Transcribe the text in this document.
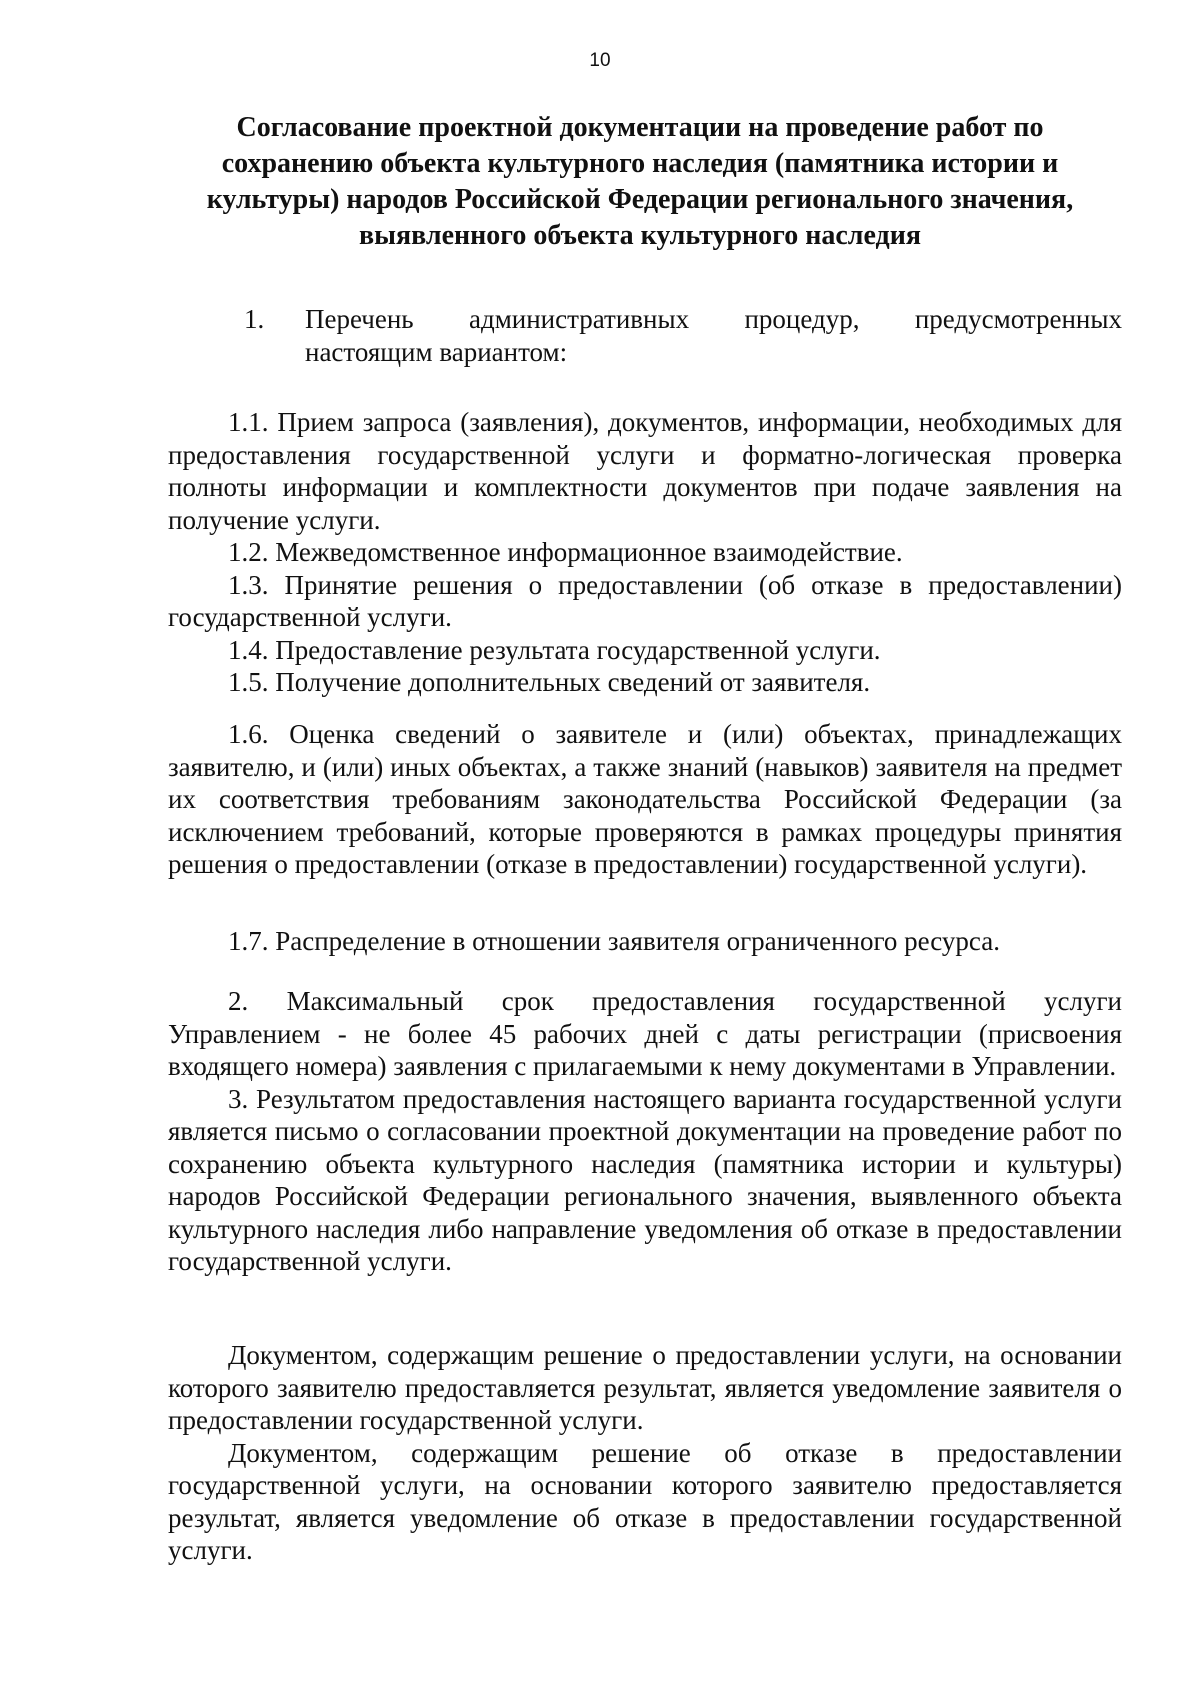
10
Согласование проектной документации на проведение работ по
сохранению объекта культурного наследия (памятника истории и
культуры) народов Российской Федерации регионального значения,
выявленного объекта культурного наследия
1. Перечень административных процедур, предусмотренных
настоящим вариантом:

1.1. Прием запроса (заявления), документов, информации, необходимых для предоставления государственной услуги и форматно-логическая проверка полноты информации и комплектности документов при подаче заявления на получение услуги.

1.2. Межведомственное информационное взаимодействие.

1.3. Принятие решения о предоставлении (об отказе в предоставлении) государственной услуги.

1.4. Предоставление результата государственной услуги.

1.5. Получение дополнительных сведений от заявителя.

1.6. Оценка сведений о заявителе и (или) объектах, принадлежащих заявителю, и (или) иных объектах, а также знаний (навыков) заявителя на предмет их соответствия требованиям законодательства Российской Федерации (за исключением требований, которые проверяются в рамках процедуры принятия решения о предоставлении (отказе в предоставлении) государственной услуги).

1.7. Распределение в отношении заявителя ограниченного ресурса.

2. Максимальный срок предоставления государственной услуги Управлением - не более 45 рабочих дней с даты регистрации (присвоения входящего номера) заявления с прилагаемыми к нему документами в Управлении.

3. Результатом предоставления настоящего варианта государственной услуги является письмо о согласовании проектной документации на проведение работ по сохранению объекта культурного наследия (памятника истории и культуры) народов Российской Федерации регионального значения, выявленного объекта культурного наследия либо направление уведомления об отказе в предоставлении государственной услуги.

Документом, содержащим решение о предоставлении услуги, на основании которого заявителю предоставляется результат, является уведомление заявителя о предоставлении государственной услуги.

Документом, содержащим решение об отказе в предоставлении государственной услуги, на основании которого заявителю предоставляется результат, является уведомление об отказе в предоставлении государственной услуги.
